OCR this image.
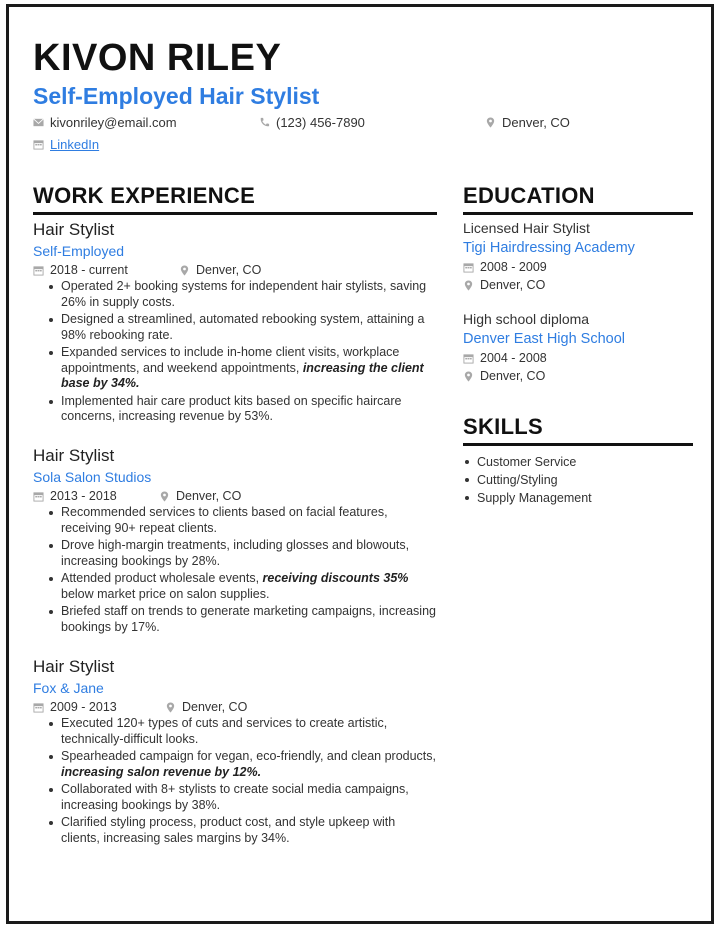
KIVON RILEY
Self-Employed Hair Stylist
kivonriley@email.com	(123) 456-7890	Denver, CO
LinkedIn
WORK EXPERIENCE
Hair Stylist
Self-Employed
2018 - current	Denver, CO
Operated 2+ booking systems for independent hair stylists, saving 26% in supply costs.
Designed a streamlined, automated rebooking system, attaining a 98% rebooking rate.
Expanded services to include in-home client visits, workplace appointments, and weekend appointments, increasing the client base by 34%.
Implemented hair care product kits based on specific haircare concerns, increasing revenue by 53%.
Hair Stylist
Sola Salon Studios
2013 - 2018	Denver, CO
Recommended services to clients based on facial features, receiving 90+ repeat clients.
Drove high-margin treatments, including glosses and blowouts, increasing bookings by 28%.
Attended product wholesale events, receiving discounts 35% below market price on salon supplies.
Briefed staff on trends to generate marketing campaigns, increasing bookings by 17%.
Hair Stylist
Fox & Jane
2009 - 2013	Denver, CO
Executed 120+ types of cuts and services to create artistic, technically-difficult looks.
Spearheaded campaign for vegan, eco-friendly, and clean products, increasing salon revenue by 12%.
Collaborated with 8+ stylists to create social media campaigns, increasing bookings by 38%.
Clarified styling process, product cost, and style upkeep with clients, increasing sales margins by 34%.
EDUCATION
Licensed Hair Stylist
Tigi Hairdressing Academy
2008 - 2009
Denver, CO
High school diploma
Denver East High School
2004 - 2008
Denver, CO
SKILLS
Customer Service
Cutting/Styling
Supply Management
